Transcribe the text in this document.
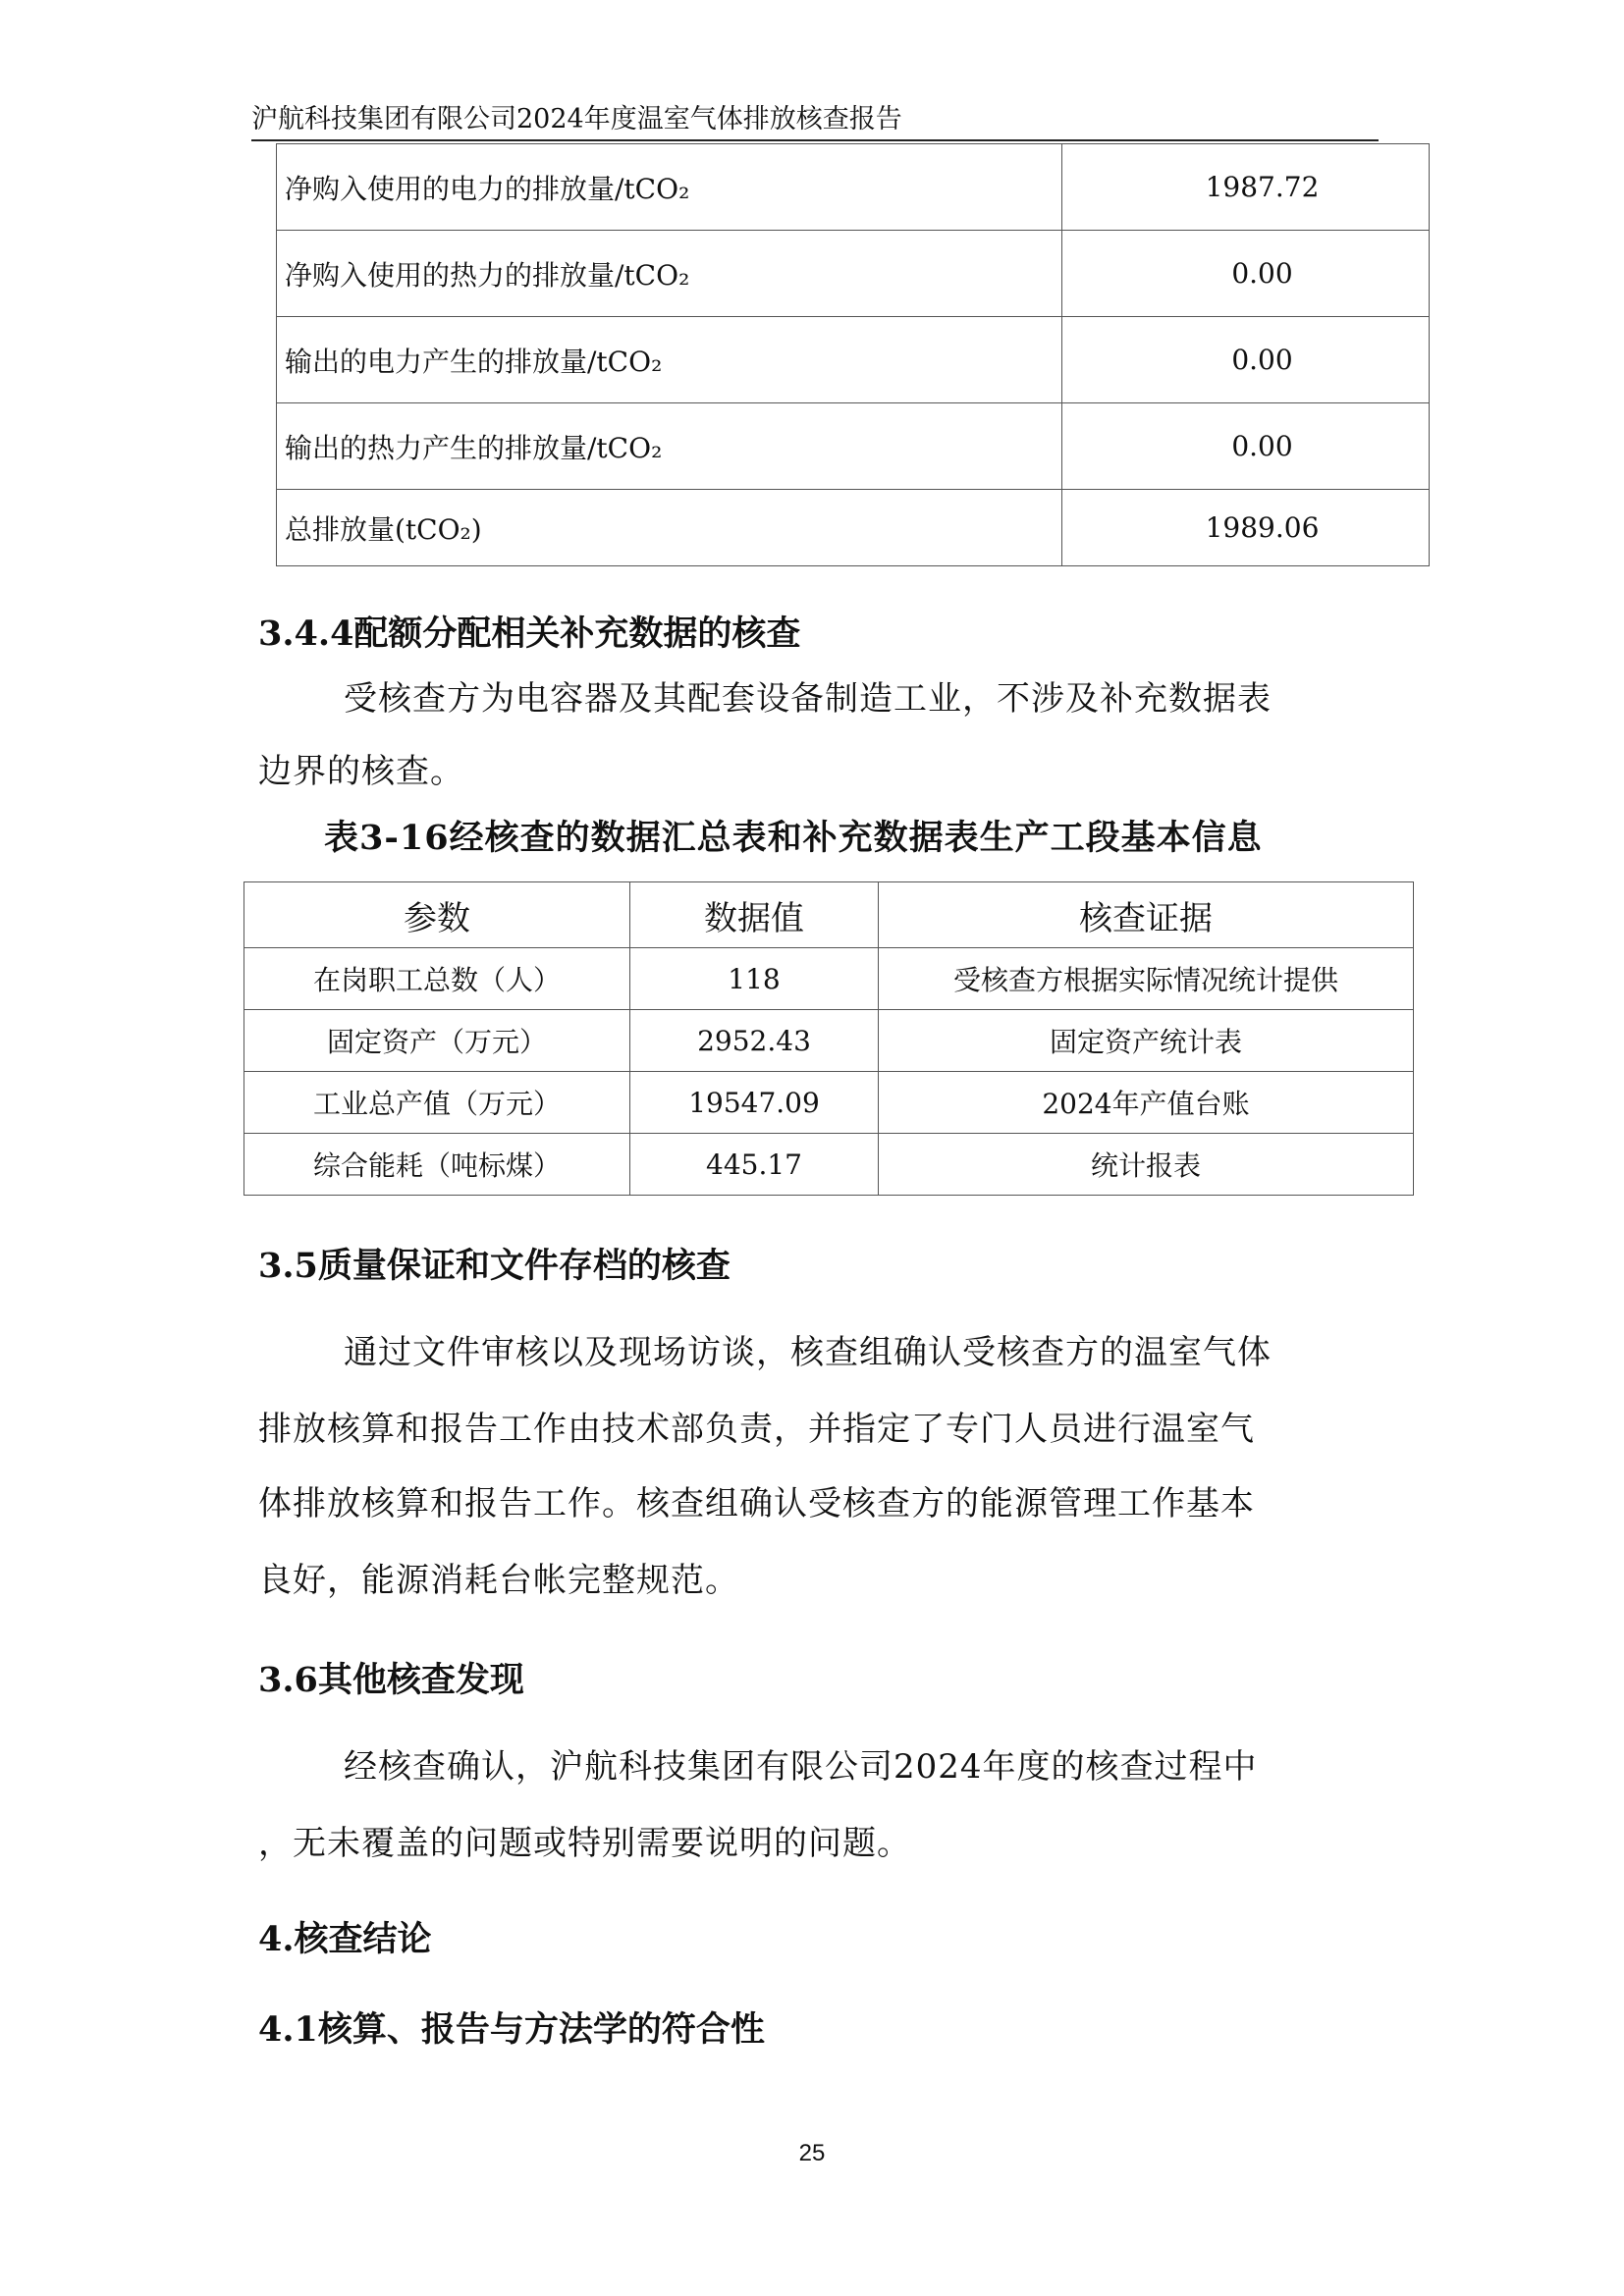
沪航科技集团有限公司2024年度温室气体排放核查报告
净购入使用的电力的排放量/tCO₂	1987.72
净购入使用的热力的排放量/tCO₂	0.00
输出的电力产生的排放量/tCO₂	0.00
输出的热力产生的排放量/tCO₂	0.00
总排放量(tCO₂)	1989.06
3.4.4配额分配相关补充数据的核查
受核查方为电容器及其配套设备制造工业，不涉及补充数据表
边界的核查。
表3-16经核查的数据汇总表和补充数据表生产工段基本信息
参数	数据值	核查证据
在岗职工总数（人）	118	受核查方根据实际情况统计提供
固定资产（万元）	2952.43	固定资产统计表
工业总产值（万元）	19547.09	2024年产值台账
综合能耗（吨标煤）	445.17	统计报表
3.5质量保证和文件存档的核查
通过文件审核以及现场访谈，核查组确认受核查方的温室气体
排放核算和报告工作由技术部负责，并指定了专门人员进行温室气
体排放核算和报告工作。核查组确认受核查方的能源管理工作基本
良好，能源消耗台帐完整规范。
3.6其他核查发现
经核查确认，沪航科技集团有限公司2024年度的核查过程中
，无未覆盖的问题或特别需要说明的问题。
4.核查结论
4.1核算、报告与方法学的符合性
25
